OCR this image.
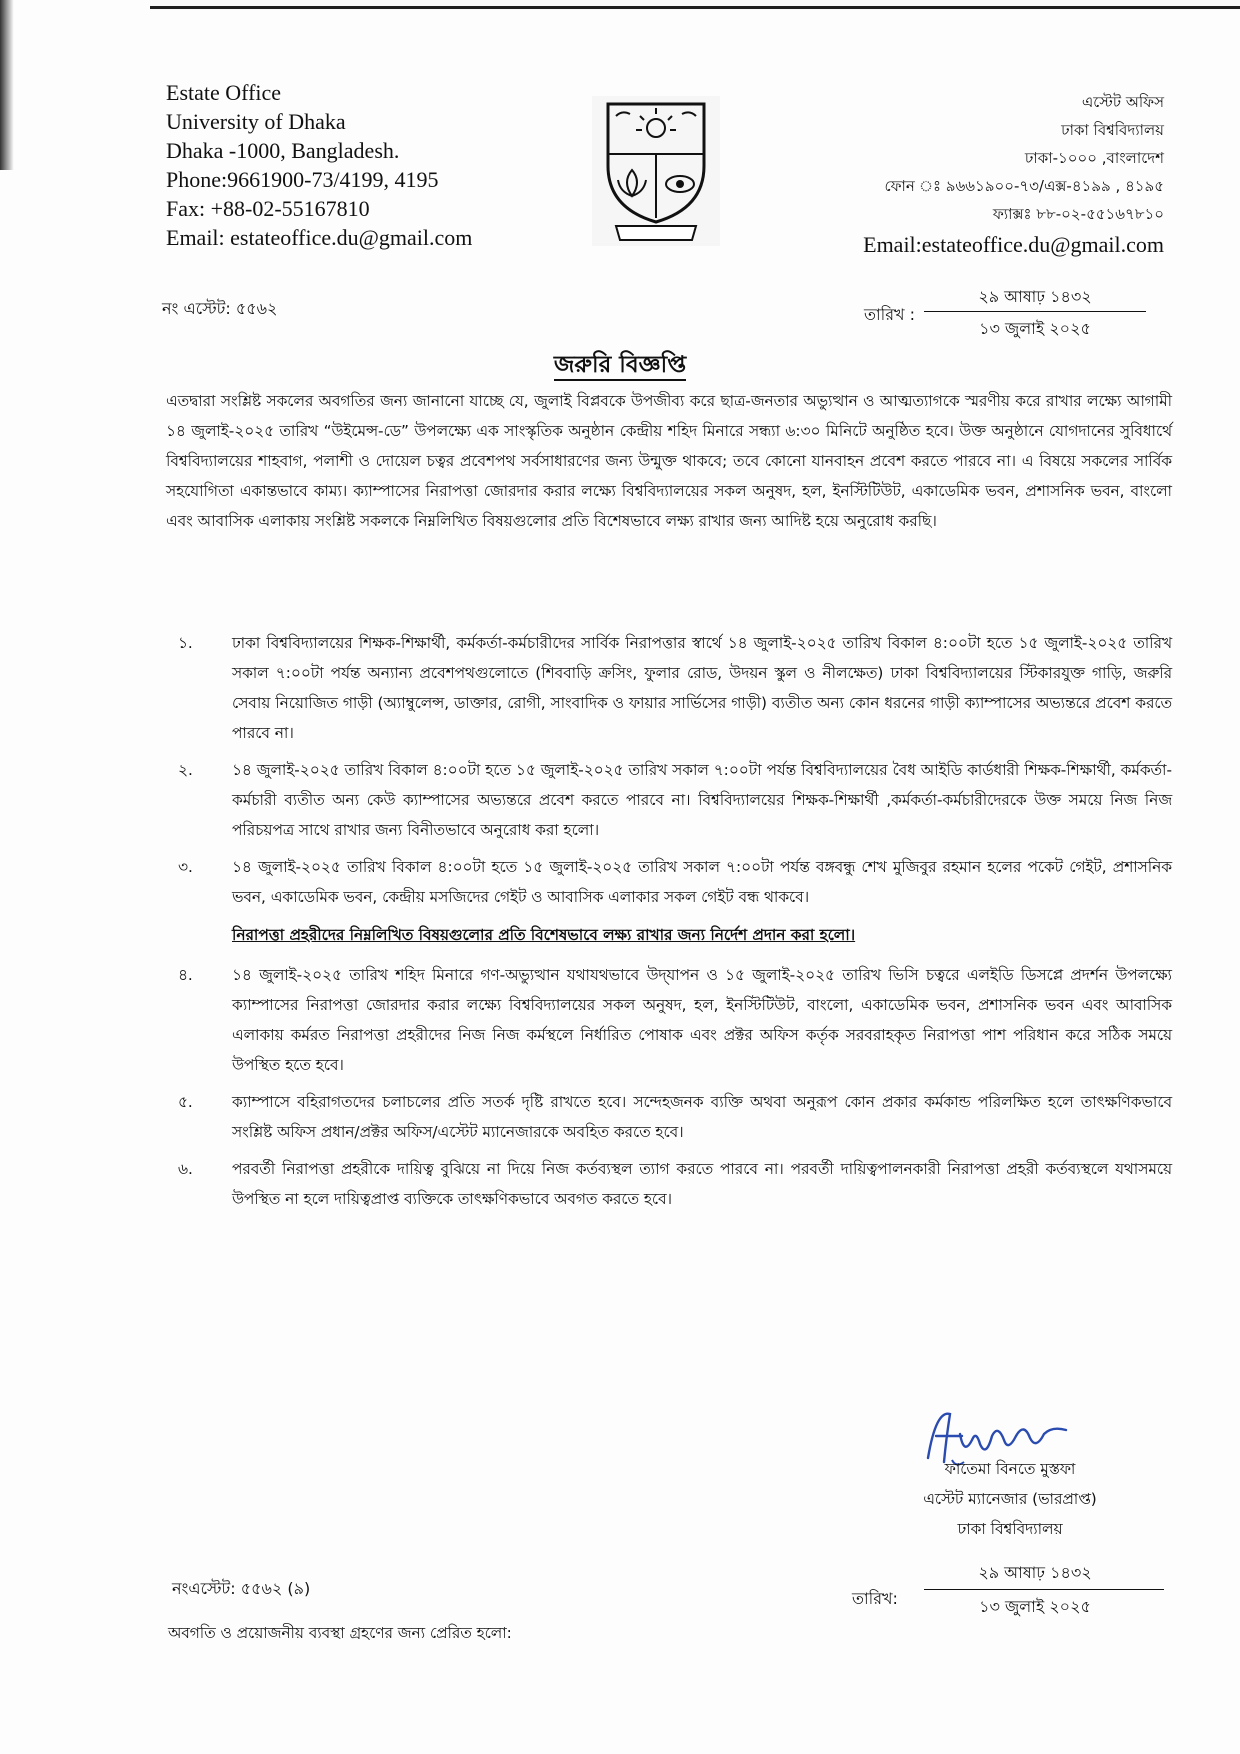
Estate Office
University of Dhaka
Dhaka -1000, Bangladesh.
Phone:9661900-73/4199, 4195
Fax: +88-02-55167810
Email: estateoffice.du@gmail.com
এস্টেট অফিস
ঢাকা বিশ্ববিদ্যালয়
ঢাকা-১০০০ ,বাংলাদেশ
ফোন ঃ ৯৬৬১৯০০-৭৩/এক্স-৪১৯৯ , ৪১৯৫
ফ্যাক্সঃ ৮৮-০২-৫৫১৬৭৮১০
Email:estateoffice.du@gmail.com
নং এস্টেট: ৫৫৬২	তারিখ :
২৯ আষাঢ় ১৪৩২
১৩ জুলাই ২০২৫
জরুরি বিজ্ঞপ্তি
এতদ্বারা সংশ্লিষ্ট সকলের অবগতির জন্য জানানো যাচ্ছে যে, জুলাই বিপ্লবকে উপজীব্য করে ছাত্র-জনতার অভ্যুত্থান ও আত্মত্যাগকে স্মরণীয় করে রাখার লক্ষ্যে আগামী ১৪ জুলাই-২০২৫ তারিখ “উইমেন্স-ডে” উপলক্ষ্যে এক সাংস্কৃতিক অনুষ্ঠান কেন্দ্রীয় শহিদ মিনারে সন্ধ্যা ৬:৩০ মিনিটে অনুষ্ঠিত হবে। উক্ত অনুষ্ঠানে যোগদানের সুবিধার্থে বিশ্ববিদ্যালয়ের শাহবাগ, পলাশী ও দোয়েল চত্বর প্রবেশপথ সর্বসাধারণের জন্য উন্মুক্ত থাকবে; তবে কোনো যানবাহন প্রবেশ করতে পারবে না। এ বিষয়ে সকলের সার্বিক সহযোগিতা একান্তভাবে কাম্য। ক্যাম্পাসের নিরাপত্তা জোরদার করার লক্ষ্যে বিশ্ববিদ্যালয়ের সকল অনুষদ, হল, ইনস্টিটিউট, একাডেমিক ভবন, প্রশাসনিক ভবন, বাংলো এবং আবাসিক এলাকায় সংশ্লিষ্ট সকলকে নিম্নলিখিত বিষয়গুলোর প্রতি বিশেষভাবে লক্ষ্য রাখার জন্য আদিষ্ট হয়ে অনুরোধ করছি।
১.	ঢাকা বিশ্ববিদ্যালয়ের শিক্ষক-শিক্ষার্থী, কর্মকর্তা-কর্মচারীদের সার্বিক নিরাপত্তার স্বার্থে ১৪ জুলাই-২০২৫ তারিখ বিকাল ৪:০০টা হতে ১৫ জুলাই-২০২৫ তারিখ সকাল ৭:০০টা পর্যন্ত অন্যান্য প্রবেশপথগুলোতে (শিববাড়ি ক্রসিং, ফুলার রোড, উদয়ন স্কুল ও নীলক্ষেত) ঢাকা বিশ্ববিদ্যালয়ের স্টিকারযুক্ত গাড়ি, জরুরি সেবায় নিয়োজিত গাড়ী (অ্যাম্বুলেন্স, ডাক্তার, রোগী, সাংবাদিক ও ফায়ার সার্ভিসের গাড়ী) ব্যতীত অন্য কোন ধরনের গাড়ী ক্যাম্পাসের অভ্যন্তরে প্রবেশ করতে পারবে না।
২.	১৪ জুলাই-২০২৫ তারিখ বিকাল ৪:০০টা হতে ১৫ জুলাই-২০২৫ তারিখ সকাল ৭:০০টা পর্যন্ত বিশ্ববিদ্যালয়ের বৈধ আইডি কার্ডধারী শিক্ষক-শিক্ষার্থী, কর্মকর্তা-কর্মচারী ব্যতীত অন্য কেউ ক্যাম্পাসের অভ্যন্তরে প্রবেশ করতে পারবে না। বিশ্ববিদ্যালয়ের শিক্ষক-শিক্ষার্থী ,কর্মকর্তা-কর্মচারীদেরকে উক্ত সময়ে নিজ নিজ পরিচয়পত্র সাথে রাখার জন্য বিনীতভাবে অনুরোধ করা হলো।
৩.	১৪ জুলাই-২০২৫ তারিখ বিকাল ৪:০০টা হতে ১৫ জুলাই-২০২৫ তারিখ সকাল ৭:০০টা পর্যন্ত বঙ্গবন্ধু শেখ মুজিবুর রহমান হলের পকেট গেইট, প্রশাসনিক ভবন, একাডেমিক ভবন, কেন্দ্রীয় মসজিদের গেইট ও আবাসিক এলাকার সকল গেইট বন্ধ থাকবে।
নিরাপত্তা প্রহরীদের নিম্নলিখিত বিষয়গুলোর প্রতি বিশেষভাবে লক্ষ্য রাখার জন্য নির্দেশ প্রদান করা হলো।
৪.	১৪ জুলাই-২০২৫ তারিখ শহিদ মিনারে গণ-অভ্যুত্থান যথাযথভাবে উদ্‌যাপন ও ১৫ জুলাই-২০২৫ তারিখ ভিসি চত্বরে এলইডি ডিসপ্লে প্রদর্শন উপলক্ষ্যে ক্যাম্পাসের নিরাপত্তা জোরদার করার লক্ষ্যে বিশ্ববিদ্যালয়ের সকল অনুষদ, হল, ইনস্টিটিউট, বাংলো, একাডেমিক ভবন, প্রশাসনিক ভবন এবং আবাসিক এলাকায় কর্মরত নিরাপত্তা প্রহরীদের নিজ নিজ কর্মস্থলে নির্ধারিত পোষাক এবং প্রক্টর অফিস কর্তৃক সরবরাহকৃত নিরাপত্তা পাশ পরিধান করে সঠিক সময়ে উপস্থিত হতে হবে।
৫.	ক্যাম্পাসে বহিরাগতদের চলাচলের প্রতি সতর্ক দৃষ্টি রাখতে হবে। সন্দেহজনক ব্যক্তি অথবা অনুরূপ কোন প্রকার কর্মকান্ড পরিলক্ষিত হলে তাৎক্ষণিকভাবে সংশ্লিষ্ট অফিস প্রধান/প্রক্টর অফিস/এস্টেট ম্যানেজারকে অবহিত করতে হবে।
৬.	পরবর্তী নিরাপত্তা প্রহরীকে দায়িত্ব বুঝিয়ে না দিয়ে নিজ কর্তব্যস্থল ত্যাগ করতে পারবে না। পরবর্তী দায়িত্বপালনকারী নিরাপত্তা প্রহরী কর্তব্যস্থলে যথাসময়ে উপস্থিত না হলে দায়িত্বপ্রাপ্ত ব্যক্তিকে তাৎক্ষণিকভাবে অবগত করতে হবে।
ফাতেমা বিনতে মুস্তফা
এস্টেট ম্যানেজার (ভারপ্রাপ্ত)
ঢাকা বিশ্ববিদ্যালয়
নংএস্টেট: ৫৫৬২ (৯)
তারিখ:
২৯ আষাঢ় ১৪৩২
১৩ জুলাই ২০২৫
অবগতি ও প্রয়োজনীয় ব্যবস্থা গ্রহণের জন্য প্রেরিত হলো:
